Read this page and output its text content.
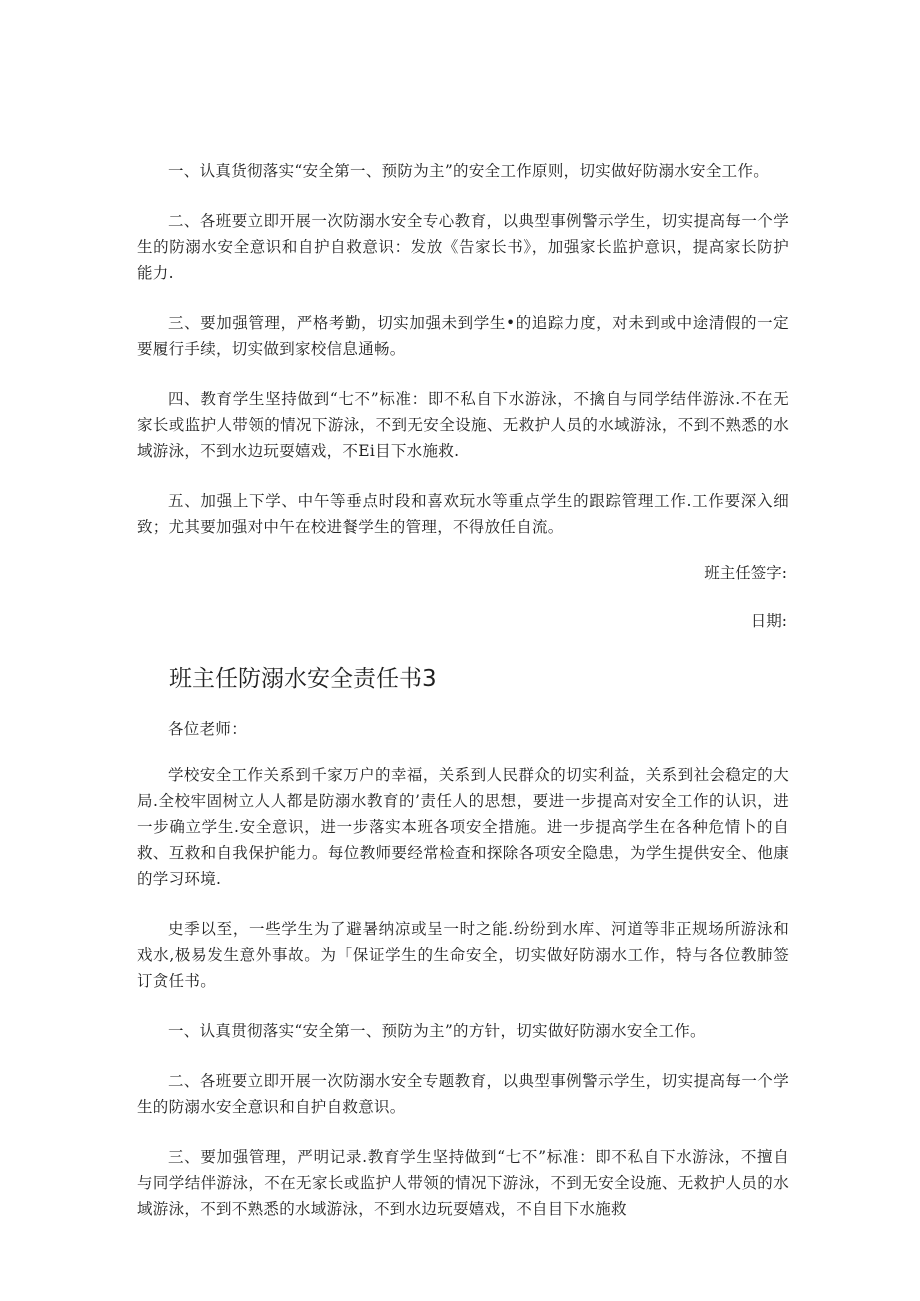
一、认真货彻落实“安全第一、预防为主”的安全工作原则，切实做好防溺水安全工作。

二、各班要立即开展一次防溺水安全专心教育，以典型事例警示学生，切实提高每一个学生的防溺水安全意识和自护自救意识：发放《告家长书》，加强家长监护意识，提高家长防护能力.

三、要加强管理，严格考勤，切实加强未到学生•的追踪力度，对未到或中途清假的一定要履行手续，切实做到家校信息通畅。

四、教育学生坚持做到“七不”标准：即不私自下水游泳，不擒自与同学结伴游泳.不在无家长或监护人带领的情况下游泳，不到无安全设施、无救护人员的水域游泳，不到不熟悉的水域游泳，不到水边玩耍嬉戏，不Ei目下水施救.

五、加强上下学、中午等垂点时段和喜欢玩水等重点学生的跟踪管理工作.工作要深入细致；尤其要加强对中午在校进餐学生的管理，不得放任自流。

班主任签字:

日期:

班主任防溺水安全责任书3

各位老师：

学校安全工作关系到千家万户的幸福，关系到人民群众的切实利益，关系到社会稳定的大局.全校牢固树立人人都是防溺水教育的’责任人的思想，要进一步提高对安全工作的认识，进一步确立学生.安全意识，进一步落实本班各项安全措施。进一步提高学生在各种危情卜的自救、互救和自我保护能力。每位教师要经常检查和探除各项安全隐患，为学生提供安全、他康的学习环境.

史季以至，一些学生为了避暑纳凉或呈一时之能.纷纷到水库、河道等非正规场所游泳和戏水,极易发生意外事故。为「保证学生的生命安全，切实做好防溺水工作，特与各位教肺签订贪任书。

一、认真贯彻落实“安全第一、预防为主”的方针，切实做好防溺水安全工作。

二、各班要立即开展一次防溺水安全专题教育，以典型事例警示学生，切实提高每一个学生的防溺水安全意识和自护自救意识。

三、要加强管理，严明记录.教育学生坚持做到“七不”标准：即不私自下水游泳，不擅自与同学结伴游泳，不在无家长或监护人带领的情况下游泳，不到无安全设施、无救护人员的水域游泳，不到不熟悉的水域游泳，不到水边玩耍嬉戏，不自目下水施救
